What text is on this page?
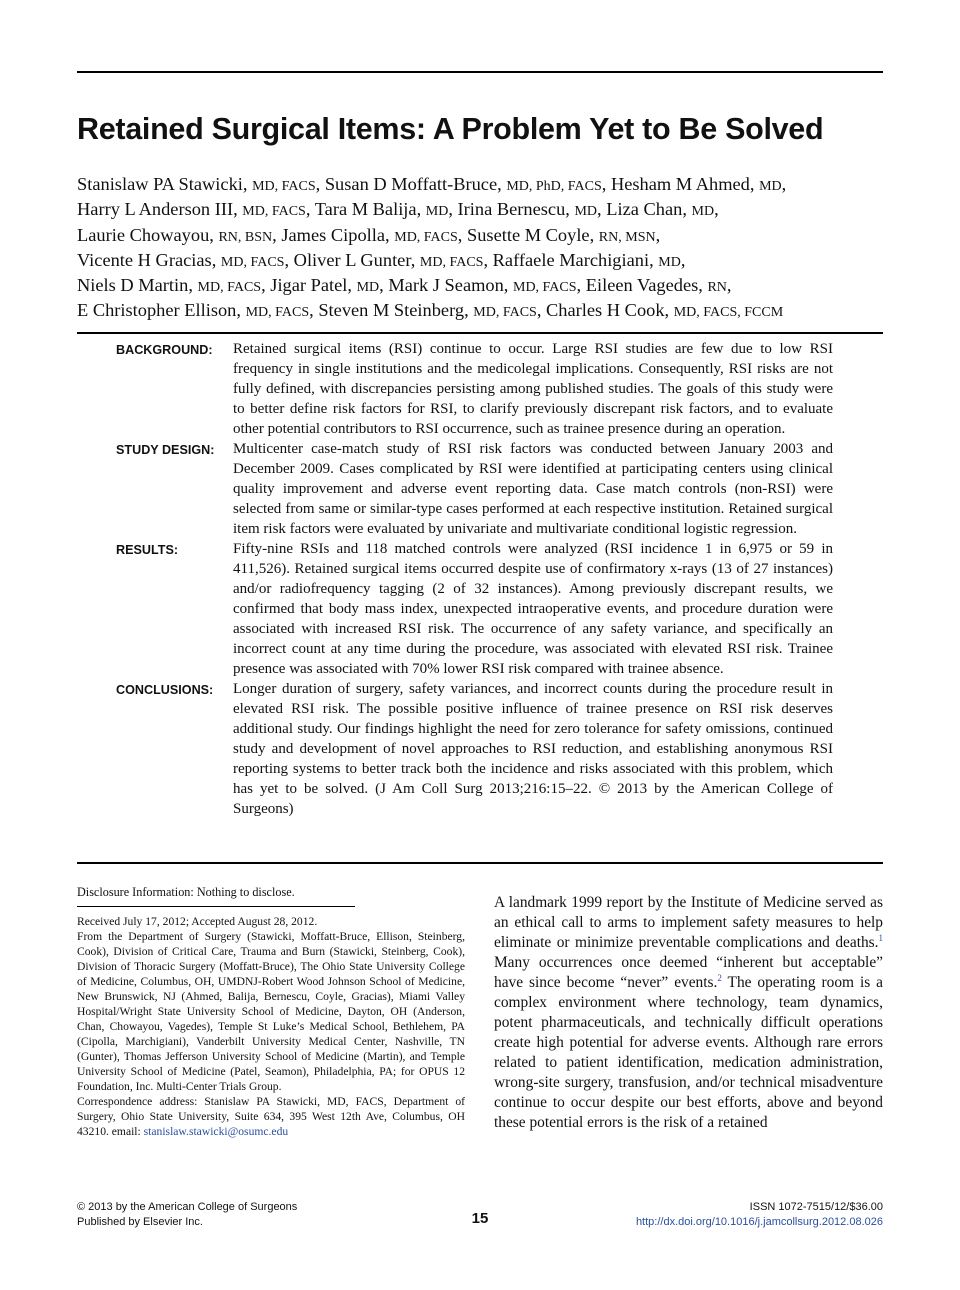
Retained Surgical Items: A Problem Yet to Be Solved
Stanislaw PA Stawicki, MD, FACS, Susan D Moffatt-Bruce, MD, PhD, FACS, Hesham M Ahmed, MD,
Harry L Anderson III, MD, FACS, Tara M Balija, MD, Irina Bernescu, MD, Liza Chan, MD,
Laurie Chowayou, RN, BSN, James Cipolla, MD, FACS, Susette M Coyle, RN, MSN,
Vicente H Gracias, MD, FACS, Oliver L Gunter, MD, FACS, Raffaele Marchigiani, MD,
Niels D Martin, MD, FACS, Jigar Patel, MD, Mark J Seamon, MD, FACS, Eileen Vagedes, RN,
E Christopher Ellison, MD, FACS, Steven M Steinberg, MD, FACS, Charles H Cook, MD, FACS, FCCM
BACKGROUND: Retained surgical items (RSI) continue to occur. Large RSI studies are few due to low RSI frequency in single institutions and the medicolegal implications. Consequently, RSI risks are not fully defined, with discrepancies persisting among published studies. The goals of this study were to better define risk factors for RSI, to clarify previously discrepant risk factors, and to evaluate other potential contributors to RSI occurrence, such as trainee presence during an operation.
STUDY DESIGN: Multicenter case-match study of RSI risk factors was conducted between January 2003 and December 2009. Cases complicated by RSI were identified at participating centers using clinical quality improvement and adverse event reporting data. Case match controls (non-RSI) were selected from same or similar-type cases performed at each respective institution. Retained surgical item risk factors were evaluated by univariate and multivariate conditional logistic regression.
RESULTS:	Fifty-nine RSIs and 118 matched controls were analyzed (RSI incidence 1 in 6,975 or 59 in 411,526). Retained surgical items occurred despite use of confirmatory x-rays (13 of 27 instances) and/or radiofrequency tagging (2 of 32 instances). Among previously discrepant results, we confirmed that body mass index, unexpected intraoperative events, and procedure duration were associated with increased RSI risk. The occurrence of any safety variance, and specifically an incorrect count at any time during the procedure, was associated with elevated RSI risk. Trainee presence was associated with 70% lower RSI risk compared with trainee absence.
CONCLUSIONS: Longer duration of surgery, safety variances, and incorrect counts during the procedure result in elevated RSI risk. The possible positive influence of trainee presence on RSI risk deserves additional study. Our findings highlight the need for zero tolerance for safety omissions, continued study and development of novel approaches to RSI reduction, and establishing anonymous RSI reporting systems to better track both the incidence and risks associated with this problem, which has yet to be solved. (J Am Coll Surg 2013;216:15–22. © 2013 by the American College of Surgeons)

Disclosure Information: Nothing to disclose.

Received July 17, 2012; Accepted August 28, 2012.

From the Department of Surgery (Stawicki, Moffatt-Bruce, Ellison, Steinberg, Cook), Division of Critical Care, Trauma and Burn (Stawicki, Steinberg, Cook), Division of Thoracic Surgery (Moffatt-Bruce), The Ohio State University College of Medicine, Columbus, OH, UMDNJ-Robert Wood Johnson School of Medicine, New Brunswick, NJ (Ahmed, Balija, Bernescu, Coyle, Gracias), Miami Valley Hospital/Wright State University School of Medicine, Dayton, OH (Anderson, Chan, Chowayou, Vagedes), Temple St Luke’s Medical School, Bethlehem, PA (Cipolla, Marchigiani), Vanderbilt University Medical Center, Nashville, TN (Gunter), Thomas Jefferson University School of Medicine (Martin), and Temple University School of Medicine (Patel, Seamon), Philadelphia, PA; for OPUS 12 Foundation, Inc. Multi-Center Trials Group.

Correspondence address: Stanislaw PA Stawicki, MD, FACS, Department of Surgery, Ohio State University, Suite 634, 395 West 12th Ave, Columbus, OH 43210. email: stanislaw.stawicki@osumc.edu

A landmark 1999 report by the Institute of Medicine served as an ethical call to arms to implement safety measures to help eliminate or minimize preventable complications and deaths.$^1$ Many occurrences once deemed “inherent but acceptable” have since become “never” events.$^2$ The operating room is a complex environment where technology, team dynamics, potent pharmaceuticals, and technically difficult operations create high potential for adverse events. Although rare errors related to patient identification, medication administration, wrong-site surgery, transfusion, and/or technical misadventure continue to occur despite our best efforts, above and beyond these potential errors is the risk of a retained

© 2013 by the American College of Surgeons
Published by Elsevier Inc.	15
ISSN 1072-7515/12/$36.00
http://dx.doi.org/10.1016/j.jamcollsurg.2012.08.026
